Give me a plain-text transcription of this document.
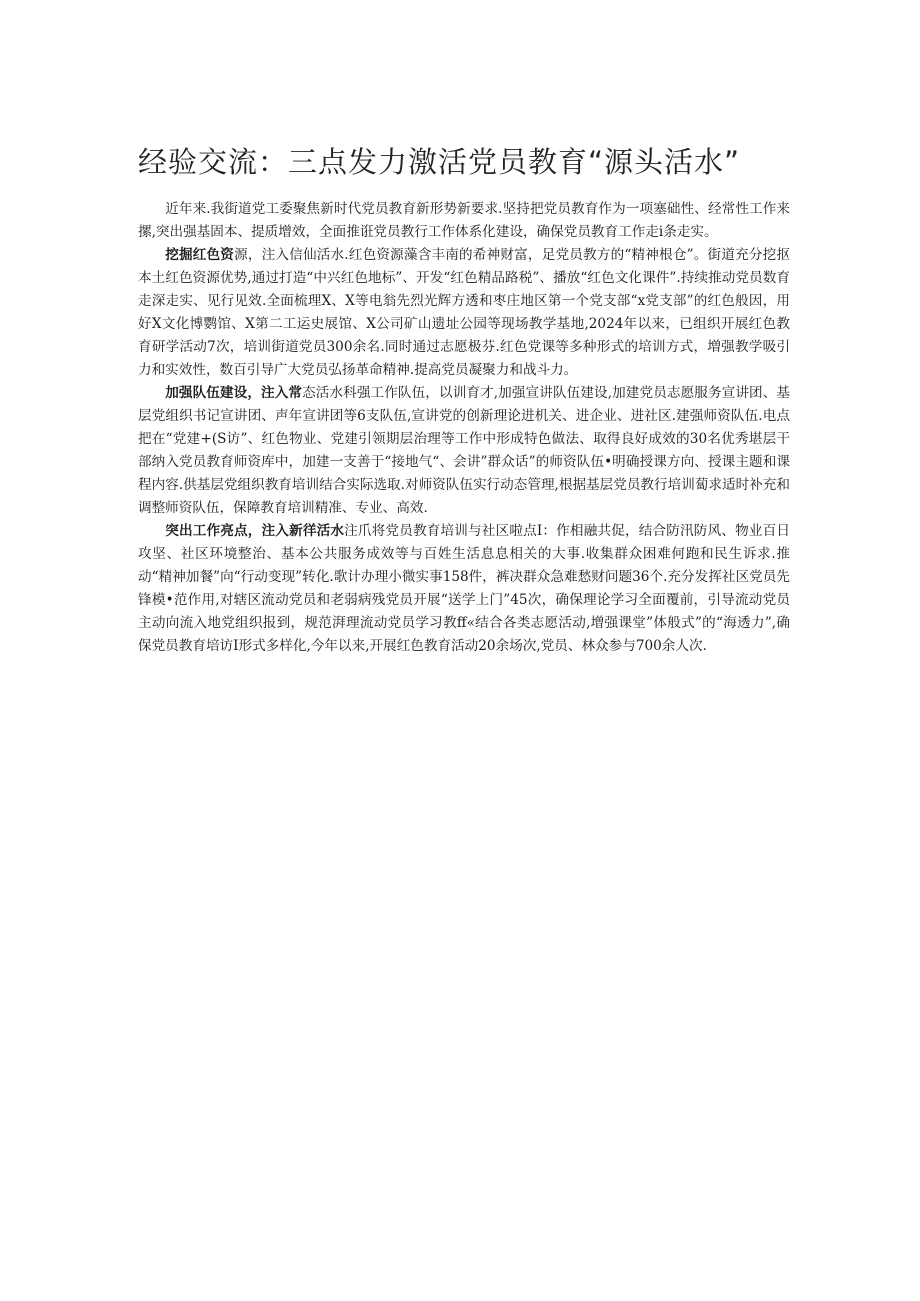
经验交流：三点发力激活党员教育“源头活水”

近年来.我街道党工委聚焦新时代党员教育新形势新要求.坚持把党员教育作为一项塞础性、经常性工作来摞,突出强基固本、提质增效，全面推诳党员教行工作体系化建设，确保党员教育工作走i条走实。

挖掘红色资源，注入信仙活水.红色资源藻含丰南的希神财富，足党员教方的“精神根仓”。街道充分挖抠本土红色资源优势,通过打造“中兴红色地标”、开发“红色精品路税”、播放“红色文化课件”.持续推动党员数育走深走实、见行见效.全面梳理X、X等电翁先烈光辉方透和枣庄地区第一个党支部“x党支部”的红色般因，用好X文化博鹦馆、X第二工运史展馆、X公司矿山遗址公园等现场教学基地,2024年以来，已组织开展红色教育研学活动7次，培训街道党员300余名.同时通过志愿极芬.红色党课等多种形式的培训方式，増强教学吸引力和实效性，数百引导广大党员弘扬革命精神.提高党员凝聚力和战斗力。

加强队伍建设，注入常态活水科强工作队伍，以训育才,加强宣讲队伍建设,加建党员志愿服务宣讲团、基层党组织书记宣讲团、声年宣讲团等6支队伍,宣讲党的创新理论进机关、进企业、进社区.建强师资队伍.电点把在“党建+(S访”、红色物业、党建引领期层治理等工作中形成特色做法、取得良好成效的30名优秀堪层干部纳入党员教育师资库中，加建一支善于“接地气“、会讲”群众话”的师资队伍•明确授课方向、授课主题和课程内容.供基层党组织教育培训结合实际选取.对师资队伍实行动态管理,根据基层党员教行培训蔔求适时补充和调整师资队伍，保障教育培训精准、专业、高效.

突出工作亮点，注入新徉活水注爪将党员教育培训与社区啦点I：作相融共促，结合防汛防风、物业百日攻坚、社区环境整治、基本公共服务成效等与百姓生活息息相关的大事.收集群众困难何跑和民生诉求.推动“精神加餐”向“行动变现”转化.歌计办理小微实事158件，裤决群众急难愁财问题36个.充分发挥社区党员先锋模•范作用,对辖区流动党员和老弱病残党员开展“送学上门”45次，确保理论学习全面覆前，引导流动党员主动向流入地党组织报到，规范湃理流动党员学习教ff«结合各类志愿活动,增强课堂”体般式”的“海透力”,确保党员教育培访I形式多样化,今年以来,开展红色教育活动20余场次,党员、林众参与700余人次.
